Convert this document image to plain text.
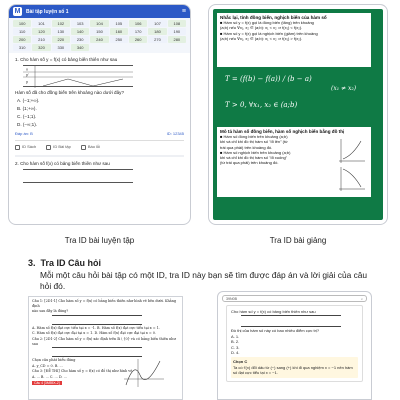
M	Bài tập luyện số 1	≡
100	101	102	103	104	105	106	107	108
110	120	130	140	150	160	170	180	190
200	210	220	230	240	250	260	270	280
310	320	330	340
1. Cho hàm số y = f(x) có bảng biến thiên như sau
x
y'
y
Hàm số đã cho đồng biến trên khoảng nào dưới đây?
A. (−1;+∞).
B. (1;+∞).
C. (−1;1).
D. (−∞;1).
Đáp án: B	ID: 12345
ID Sách	ID Bài tập	Báo lỗi
2. Cho hàm số f(x) có bảng biến thiên như sau
Tra ID bài luyện tập
Nhắc lại, tính đồng biến, nghịch biến của hàm số
■ Hàm số y = f(x) gọi là đồng biến (tăng) trên khoảng
(a;b) nếu ∀x₁, x₂ ∈ (a;b): x₁ < x₂ ⇒ f(x₁) < f(x₂).
■ Hàm số y = f(x) gọi là nghịch biến (giảm) trên khoảng
(a;b) nếu ∀x₁, x₂ ∈ (a;b): x₁ < x₂ ⇒ f(x₁) > f(x₂).
T = (f(b) − f(a)) / (b − a)
(x₁ ≠ x₂)
T > 0, ∀x₁, x₂ ∈ (a;b)
Mô tả hàm số đồng biến, hàm số nghịch biến bằng đồ thị
■ Hàm số đồng biến trên khoảng (a;b)
khi và chỉ khi đồ thị hàm số "đi lên" (từ
trái qua phải) trên khoảng đó.
■ Hàm số nghịch biến trên khoảng (a;b)
khi và chỉ khi đồ thị hàm số "đi xuống"
(từ trái qua phải) trên khoảng đó.
Tra ID bài giảng
3. Tra ID Câu hỏi
Mỗi một câu hỏi bài tập có một ID, tra ID này bạn sẽ tìm được đáp án và lời giải của câu hỏi đó.
Câu 1: [2D1-1] Cho hàm số y = f(x) có bảng biến thiên như hình vẽ bên dưới. Khẳng định
nào sau đây là đúng?
A. Hàm số f(x) đạt cực tiểu tại x = -1. B. Hàm số f(x) đạt cực tiểu tại x = 1.
C. Hàm số f(x) đạt cực đại tại x = 1. D. Hàm số f(x) đạt cực đại tại x = 0.
Câu 2: [2D1-2] Cho hàm số y = f(x) xác định trên ℝ \ {0} và có bảng biến thiên như sau
Chọn câu phát biểu đúng
A. y_CD = 0. B. ...
Câu 3: [ĐỀ THI] Cho hàm số y = f(x) có đồ thị như hình vẽ
A. ... B. ... C. ... D. ...
Câu 4 [3M55X-2]
39N0B	⌕
Cho hàm số y = f(x) có bảng biến thiên như sau
Đồ thị của hàm số này có bao nhiêu điểm cực trị?
A. 1.
B. 2.
C. 3.
D. 4.
Chọn C
Ta có f'(x) đổi dấu từ (−) sang (+) khi đi qua nghiệm x = −1 nên hàm số đạt cực tiểu tại x = −1.
